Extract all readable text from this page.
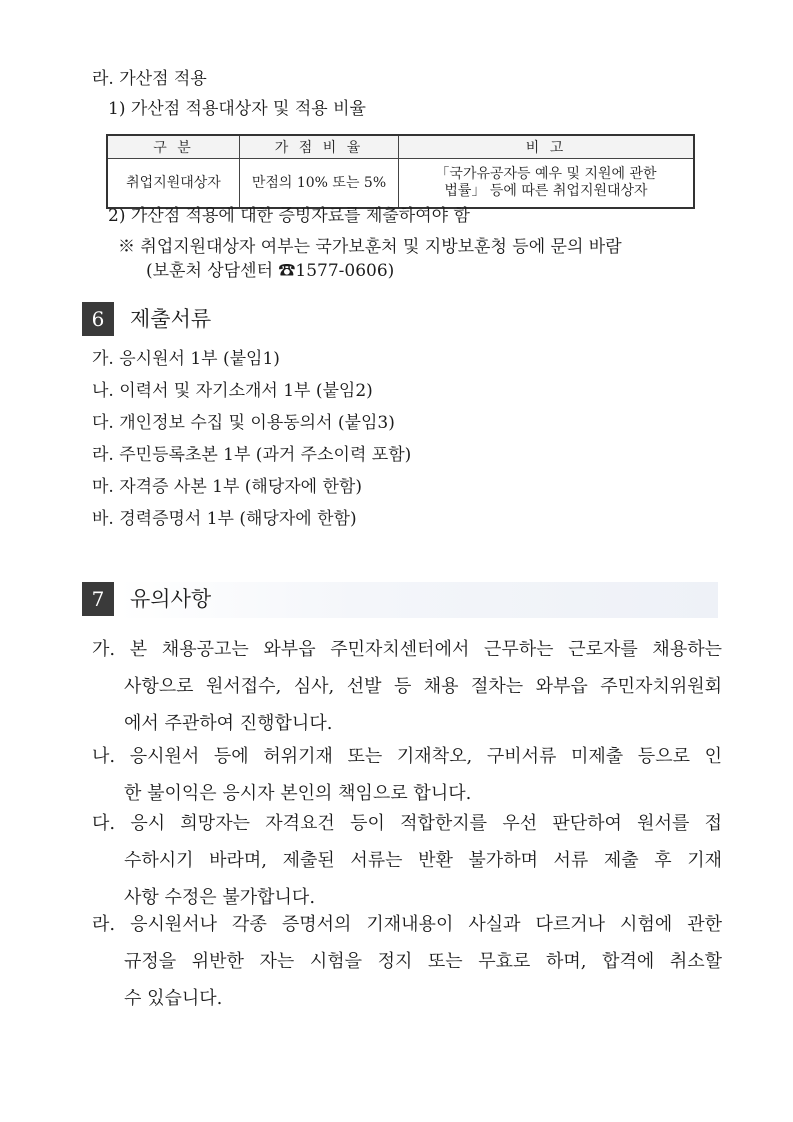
라. 가산점 적용
1) 가산점 적용대상자 및 적용 비율
구 분	가 점 비 율	비 고
취업지원대상자	만점의 10% 또는 5%	「국가유공자등 예우 및 지원에 관한
법률」 등에 따른 취업지원대상자
2) 가산점 적용에 대한 증빙자료를 제출하여야 함
※ 취업지원대상자 여부는 국가보훈처 및 지방보훈청 등에 문의 바람
(보훈처 상담센터 ☎1577-0606)
6	제출서류
가. 응시원서 1부 (붙임1)
나. 이력서 및 자기소개서 1부 (붙임2)
다. 개인정보 수집 및 이용동의서 (붙임3)
라. 주민등록초본 1부 (과거 주소이력 포함)
마. 자격증 사본 1부 (해당자에 한함)
바. 경력증명서 1부 (해당자에 한함)
7	유의사항
가. 본 채용공고는 와부읍 주민자치센터에서 근무하는 근로자를 채용하는
사항으로 원서접수, 심사, 선발 등 채용 절차는 와부읍 주민자치위원회
에서 주관하여 진행합니다.
나. 응시원서 등에 허위기재 또는 기재착오, 구비서류 미제출 등으로 인
한 불이익은 응시자 본인의 책임으로 합니다.
다. 응시 희망자는 자격요건 등이 적합한지를 우선 판단하여 원서를 접
수하시기 바라며, 제출된 서류는 반환 불가하며 서류 제출 후 기재
사항 수정은 불가합니다.
라. 응시원서나 각종 증명서의 기재내용이 사실과 다르거나 시험에 관한
규정을 위반한 자는 시험을 정지 또는 무효로 하며, 합격에 취소할
수 있습니다.
